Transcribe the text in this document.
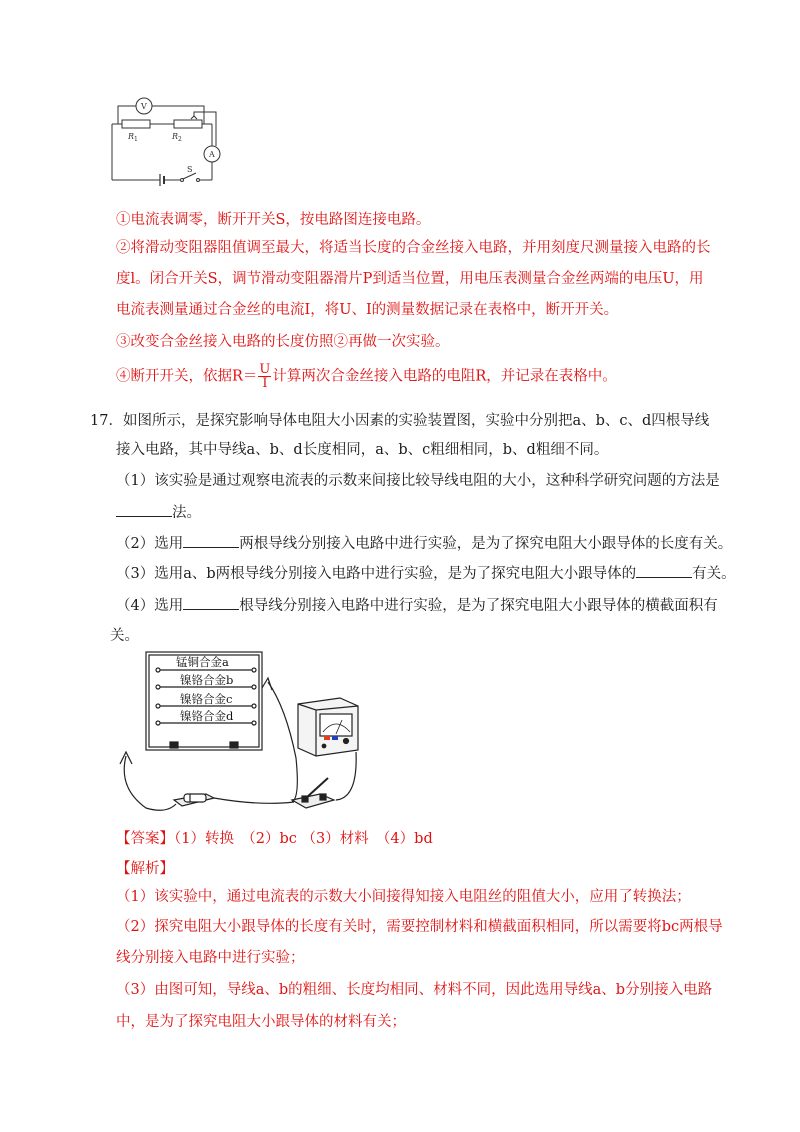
V
A
R 1	R 2
S
①电流表调零，断开开关S，按电路图连接电路。
②将滑动变阻器阻值调至最大，将适当长度的合金丝接入电路，并用刻度尺测量接入电路的长
度l。闭合开关S，调节滑动变阻器滑片P到适当位置，用电压表测量合金丝两端的电压U，用
电流表测量通过合金丝的电流I，将U、I的测量数据记录在表格中，断开开关。
③改变合金丝接入电路的长度仿照②再做一次实验。
④断开开关，依据$R= \frac{U}{I}$ 计算两次合金丝接入电路的电阻R，并记录在表格中。
17．如图所示，是探究影响导体电阻大小因素的实验装置图，实验中分别把a、b、c、d四根导线
接入电路，其中导线a、b、d长度相同，a、b、c粗细相同，b、d粗细不同。
（1）该实验是通过观察电流表的示数来间接比较导线电阻的大小，这种科学研究问题的方法是
法。
（2）选用	两根导线分别接入电路中进行实验，是为了探究电阻大小跟导体的长度有关。
（3）选用a、b两根导线分别接入电路中进行实验，是为了探究电阻大小跟导体的	有关。
（4）选用	根导线分别接入电路中进行实验，是为了探究电阻大小跟导体的横截面积有
关。
锰铜合金a
镍铬合金b
镍铬合金c
镍铬合金d
【答案】（1）转换　（2）bc （3）材料　（4）bd
【解析】
（1）该实验中，通过电流表的示数大小间接得知接入电阻丝的阻值大小，应用了转换法；
（2）探究电阻大小跟导体的长度有关时，需要控制材料和横截面积相同，所以需要将bc两根导
线分别接入电路中进行实验；
（3）由图可知，导线a、b的粗细、长度均相同、材料不同，因此选用导线a、b分别接入电路
中，是为了探究电阻大小跟导体的材料有关；
